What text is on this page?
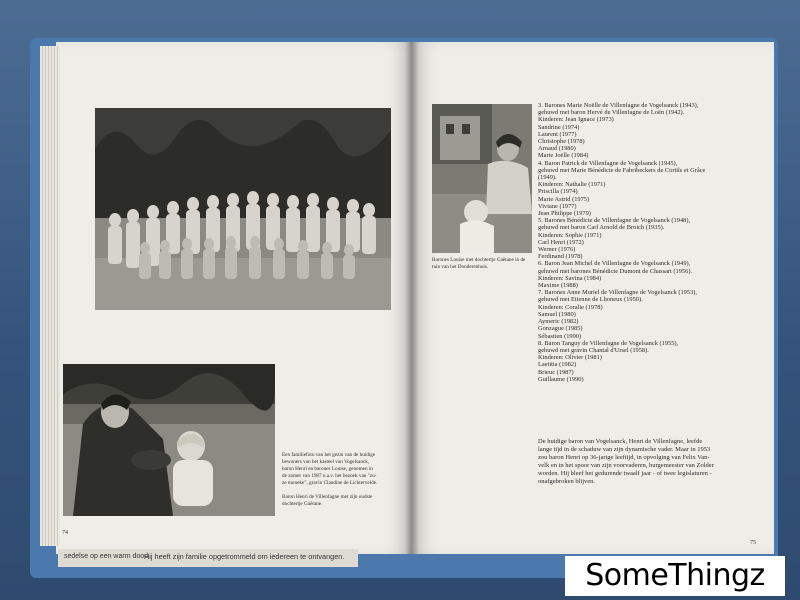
Barones Louise met dochtertje Gaëtane in de
tuin van het Donderenhuis.
Een familiefoto van het gezin van de huidige
bewoners van het kasteel van Vogelsanck,
baron Henri en barones Louise, genomen in
de zomer van 1987 n.a.v. het bezoek van "zu-
ze moneke", gravin Claudine de Lichtervelde.

Baron Henri de Villenfagne met zijn oudste
dochtertje Gaëtane.
3. Barones Marie Noëlle de Villenfagne de Vogelsanck (1943),
gehuwd met baron Hervé de Villenfagne de Loën (1942).
Kinderen: Jean Ignace (1973)
Sandrine (1974)
Laurent (1977)
Christophe (1978)
Arnaud (1980)
Marie Joëlle (1984)
4. Baron Patrick de Villenfagne de Vogelsanck (1945),
gehuwd met Marie Bénédicte de Fabribeckers de Cortils et Grâce
(1949).
Kinderen: Nathalie (1971)
Priscilla (1974)
Marie Astrid (1975)
Viviane (1977)
Jean Philippe (1979)
5. Barones Bénédicte de Villenfagne de Vogelsanck (1948),
gehuwd met baron Carl Arnold de Broich (1935).
Kinderen: Sophie (1971)
Carl Henri (1972)
Werner (1976)
Ferdinand (1978)
6. Baron Jean Michel de Villenfagne de Vogelsanck (1949),
gehuwd met barones Bénédicte Dumont de Chassart (1956).
Kinderen: Savina (1984)
Maxime (1988)
7. Barones Anne Muriel de Villenfagne de Vogelsanck (1953),
gehuwd met Etienne de Lhoneux (1950).
Kinderen: Coralie (1978)
Samuel (1980)
Aymeric (1982)
Gonzague (1985)
Sébastien (1990)
8. Baron Tanguy de Villenfagne de Vogelsanck (1955),
gehuwd met gravin Chantal d'Ursel (1958).
Kinderen: Olivier (1981)
Laetitia (1982)
Brieuc (1987)
Guillaume (1990)
De huidige baron van Vogelsanck, Henri de Villenfagne, leefde
lange tijd in de schaduw van zijn dynamische vader. Maar in 1953
zou baron Henri op 36-jarige leeftijd, in opvolging van Felix Van-
velk en in het spoor van zijn voorvaderen, burgemeester van Zolder
worden. Hij bleef het gedurende twaalf jaar - of twee legislaturen -
onafgebroken blijven.
74
75
sedelse op een warm dood
Hij heeft zijn familie opgetrommeld om iedereen te ontvangen.
SomeThingz
